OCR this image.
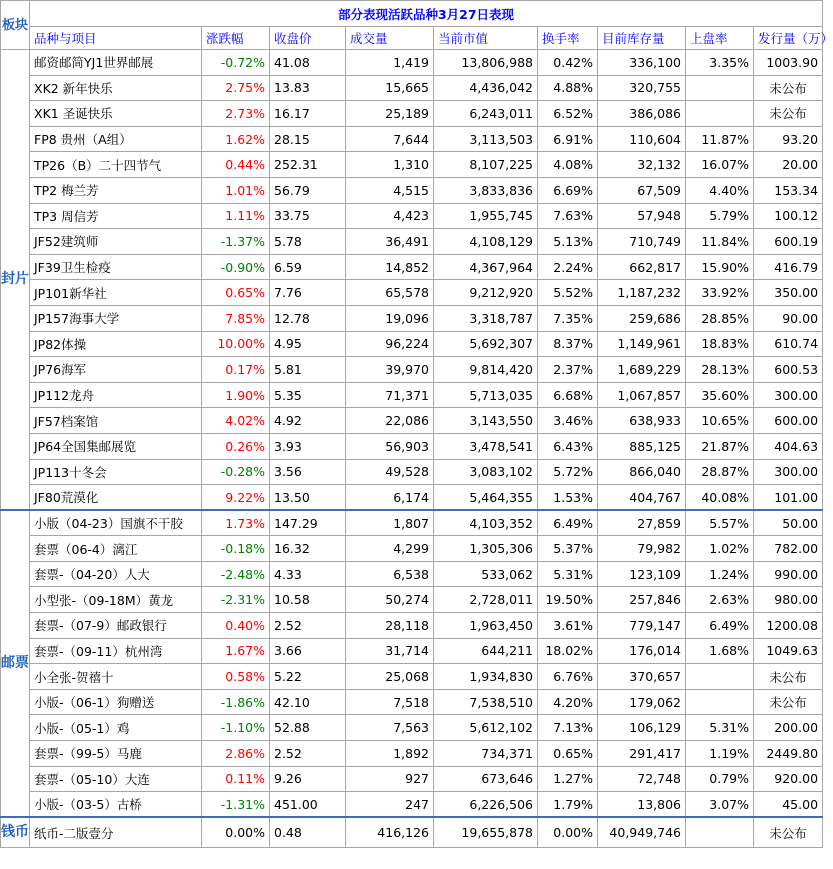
板块	部分表现活跃品种3月27日表现								
	品种与项目	涨跌幅	收盘价	成交量	当前市值	换手率	目前库存量	上盘率	发行量（万）
封片	邮资邮简YJ1世界邮展	-0.72%	41.08	1,419	13,806,988	0.42%	336,100	3.35%	1003.90
	XK2 新年快乐	2.75%	13.83	15,665	4,436,042	4.88%	320,755		未公布
	XK1 圣诞快乐	2.73%	16.17	25,189	6,243,011	6.52%	386,086		未公布
	FP8 贵州（A组）	1.62%	28.15	7,644	3,113,503	6.91%	110,604	11.87%	93.20
	TP26（B）二十四节气	0.44%	252.31	1,310	8,107,225	4.08%	32,132	16.07%	20.00
	TP2 梅兰芳	1.01%	56.79	4,515	3,833,836	6.69%	67,509	4.40%	153.34
	TP3 周信芳	1.11%	33.75	4,423	1,955,745	7.63%	57,948	5.79%	100.12
	JF52建筑师	-1.37%	5.78	36,491	4,108,129	5.13%	710,749	11.84%	600.19
	JF39卫生检疫	-0.90%	6.59	14,852	4,367,964	2.24%	662,817	15.90%	416.79
	JP101新华社	0.65%	7.76	65,578	9,212,920	5.52%	1,187,232	33.92%	350.00
	JP157海事大学	7.85%	12.78	19,096	3,318,787	7.35%	259,686	28.85%	90.00
	JP82体操	10.00%	4.95	96,224	5,692,307	8.37%	1,149,961	18.83%	610.74
	JP76海军	0.17%	5.81	39,970	9,814,420	2.37%	1,689,229	28.13%	600.53
	JP112龙舟	1.90%	5.35	71,371	5,713,035	6.68%	1,067,857	35.60%	300.00
	JF57档案馆	4.02%	4.92	22,086	3,143,550	3.46%	638,933	10.65%	600.00
	JP64全国集邮展览	0.26%	3.93	56,903	3,478,541	6.43%	885,125	21.87%	404.63
	JP113十冬会	-0.28%	3.56	49,528	3,083,102	5.72%	866,040	28.87%	300.00
	JF80荒漠化	9.22%	13.50	6,174	5,464,355	1.53%	404,767	40.08%	101.00
邮票	小版（04-23）国旗不干胶	1.73%	147.29	1,807	4,103,352	6.49%	27,859	5.57%	50.00
	套票（06-4）漓江	-0.18%	16.32	4,299	1,305,306	5.37%	79,982	1.02%	782.00
	套票-（04-20）人大	-2.48%	4.33	6,538	533,062	5.31%	123,109	1.24%	990.00
	小型张-（09-18M）黄龙	-2.31%	10.58	50,274	2,728,011	19.50%	257,846	2.63%	980.00
	套票-（07-9）邮政银行	0.40%	2.52	28,118	1,963,450	3.61%	779,147	6.49%	1200.08
	套票-（09-11）杭州湾	1.67%	3.66	31,714	644,211	18.02%	176,014	1.68%	1049.63
	小全张-贺禧十	0.58%	5.22	25,068	1,934,830	6.76%	370,657		未公布
	小版-（06-1）狗赠送	-1.86%	42.10	7,518	7,538,510	4.20%	179,062		未公布
	小版-（05-1）鸡	-1.10%	52.88	7,563	5,612,102	7.13%	106,129	5.31%	200.00
	套票-（99-5）马鹿	2.86%	2.52	1,892	734,371	0.65%	291,417	1.19%	2449.80
	套票-（05-10）大连	0.11%	9.26	927	673,646	1.27%	72,748	0.79%	920.00
	小版-（03-5）古桥	-1.31%	451.00	247	6,226,506	1.79%	13,806	3.07%	45.00
钱币	纸币-二版壹分	0.00%	0.48	416,126	19,655,878	0.00%	40,949,746		未公布
